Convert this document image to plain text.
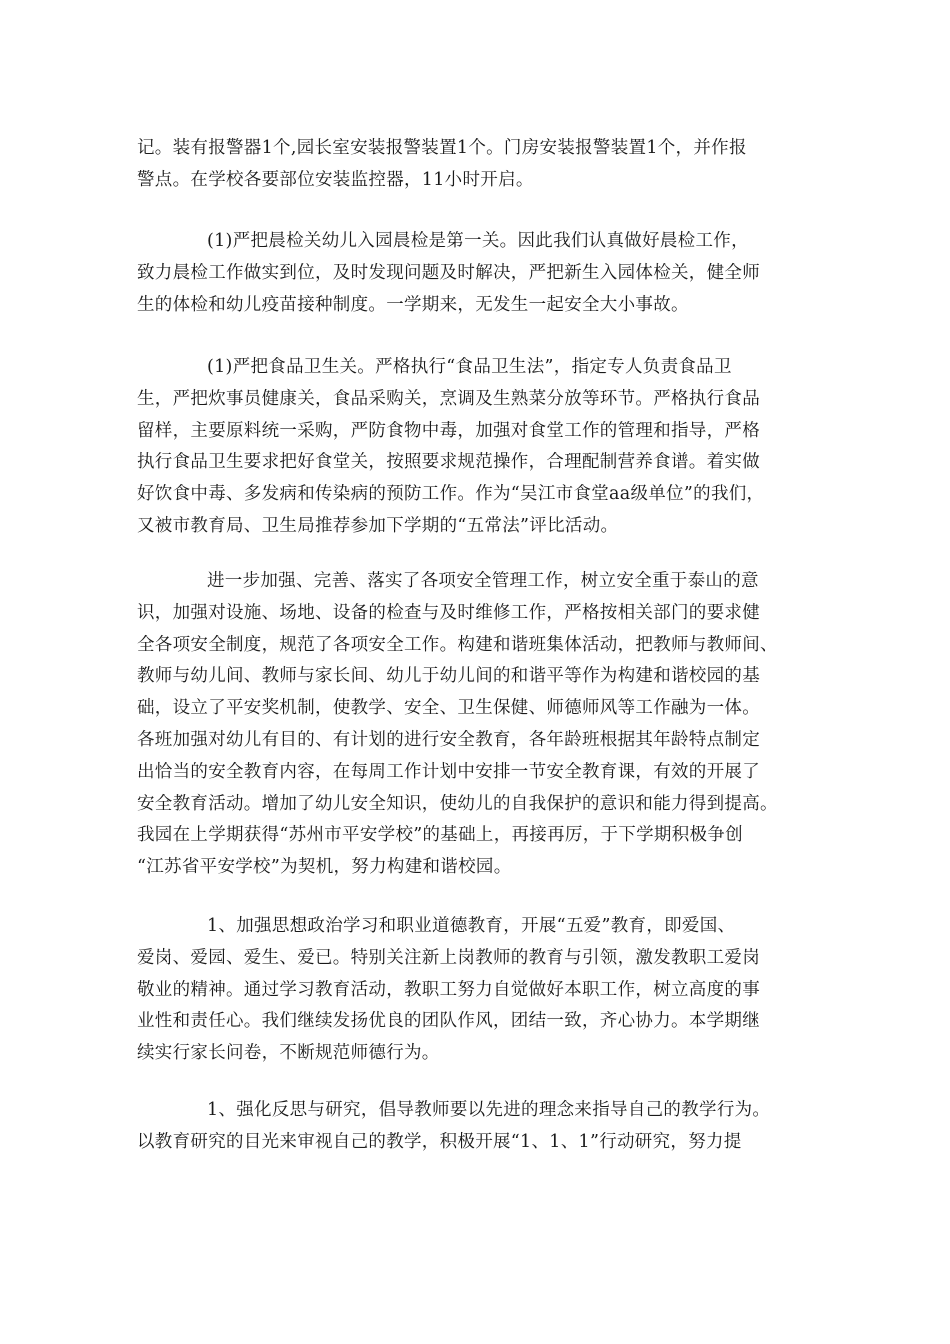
记。装有报警器1个,园长室安装报警装置1个。门房安装报警装置1个，并作报
警点。在学校各要部位安装监控器，11小时开启。

(1)严把晨检关幼儿入园晨检是第一关。因此我们认真做好晨检工作，
致力晨检工作做实到位，及时发现问题及时解决，严把新生入园体检关，健全师
生的体检和幼儿疫苗接种制度。一学期来，无发生一起安全大小事故。

(1)严把食品卫生关。严格执行“食品卫生法”，指定专人负责食品卫
生，严把炊事员健康关，食品采购关，烹调及生熟菜分放等环节。严格执行食品
留样，主要原料统一采购，严防食物中毒，加强对食堂工作的管理和指导，严格
执行食品卫生要求把好食堂关，按照要求规范操作，合理配制营养食谱。着实做
好饮食中毒、多发病和传染病的预防工作。作为“吴江市食堂aa级单位”的我们，
又被市教育局、卫生局推荐参加下学期的“五常法”评比活动。

进一步加强、完善、落实了各项安全管理工作，树立安全重于泰山的意
识，加强对设施、场地、设备的检查与及时维修工作，严格按相关部门的要求健
全各项安全制度，规范了各项安全工作。构建和谐班集体活动，把教师与教师间、
教师与幼儿间、教师与家长间、幼儿于幼儿间的和谐平等作为构建和谐校园的基
础，设立了平安奖机制，使教学、安全、卫生保健、师德师风等工作融为一体。
各班加强对幼儿有目的、有计划的进行安全教育，各年龄班根据其年龄特点制定
出恰当的安全教育内容，在每周工作计划中安排一节安全教育课，有效的开展了
安全教育活动。增加了幼儿安全知识，使幼儿的自我保护的意识和能力得到提高。
我园在上学期获得“苏州市平安学校”的基础上，再接再厉，于下学期积极争创
“江苏省平安学校”为契机，努力构建和谐校园。

1、加强思想政治学习和职业道德教育，开展“五爱”教育，即爱国、
爱岗、爱园、爱生、爱已。特别关注新上岗教师的教育与引领，激发教职工爱岗
敬业的精神。通过学习教育活动，教职工努力自觉做好本职工作，树立高度的事
业性和责任心。我们继续发扬优良的团队作风，团结一致，齐心协力。本学期继
续实行家长问卷，不断规范师德行为。

1、强化反思与研究，倡导教师要以先进的理念来指导自己的教学行为。
以教育研究的目光来审视自己的教学，积极开展“1、1、1”行动研究，努力提
